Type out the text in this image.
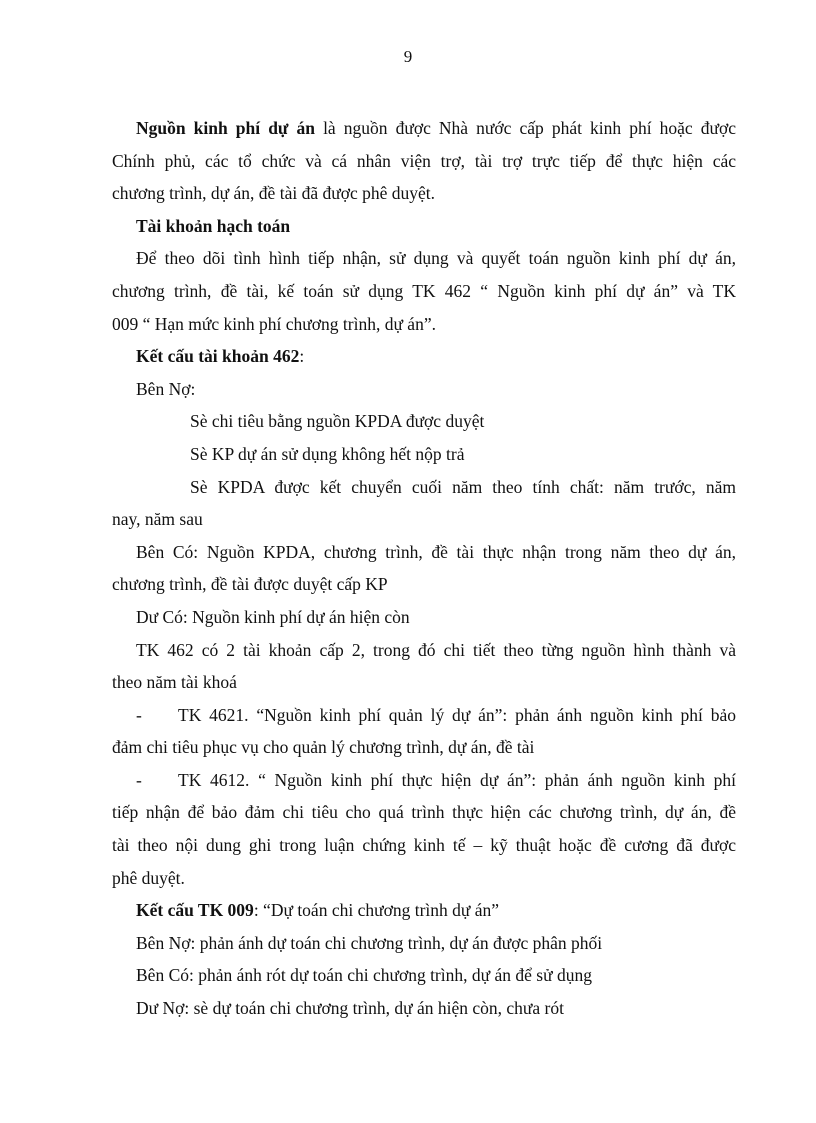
9
Nguồn kinh phí dự án là nguồn được Nhà nước cấp phát kinh phí hoặc được
Chính phủ, các tổ chức và cá nhân viện trợ, tài trợ trực tiếp để thực hiện các
chương trình, dự án, đề tài đã được phê duyệt.
Tài khoản hạch toán
Để theo dõi tình hình tiếp nhận, sử dụng và quyết toán nguồn kinh phí dự án,
chương trình, đề tài, kế toán sử dụng TK 462 “ Nguồn kinh phí dự án” và TK
009 “ Hạn mức kinh phí chương trình, dự án”.
Kết cấu tài khoản 462:
Bên Nợ:
Sè chi tiêu bằng nguồn KPDA được duyệt
Sè KP dự án sử dụng không hết nộp trả
Sè KPDA được kết chuyển cuối năm theo tính chất: năm trước, năm
nay, năm sau
Bên Có: Nguồn KPDA, chương trình, đề tài thực nhận trong năm theo dự án,
chương trình, đề tài được duyệt cấp KP
Dư Có: Nguồn kinh phí dự án hiện còn
TK 462 có 2 tài khoản cấp 2, trong đó chi tiết theo từng nguồn hình thành và
theo năm tài khoá
- TK 4621. “Nguồn kinh phí quản lý dự án”: phản ánh nguồn kinh phí bảo
đảm chi tiêu phục vụ cho quản lý chương trình, dự án, đề tài
- TK 4612. “ Nguồn kinh phí thực hiện dự án”: phản ánh nguồn kinh phí
tiếp nhận để bảo đảm chi tiêu cho quá trình thực hiện các chương trình, dự án, đề
tài theo nội dung ghi trong luận chứng kinh tế – kỹ thuật hoặc đề cương đã được
phê duyệt.
Kết cấu TK 009: “Dự toán chi chương trình dự án”
Bên Nợ: phản ánh dự toán chi chương trình, dự án được phân phối
Bên Có: phản ánh rót dự toán chi chương trình, dự án để sử dụng
Dư Nợ: sè dự toán chi chương trình, dự án hiện còn, chưa rót
